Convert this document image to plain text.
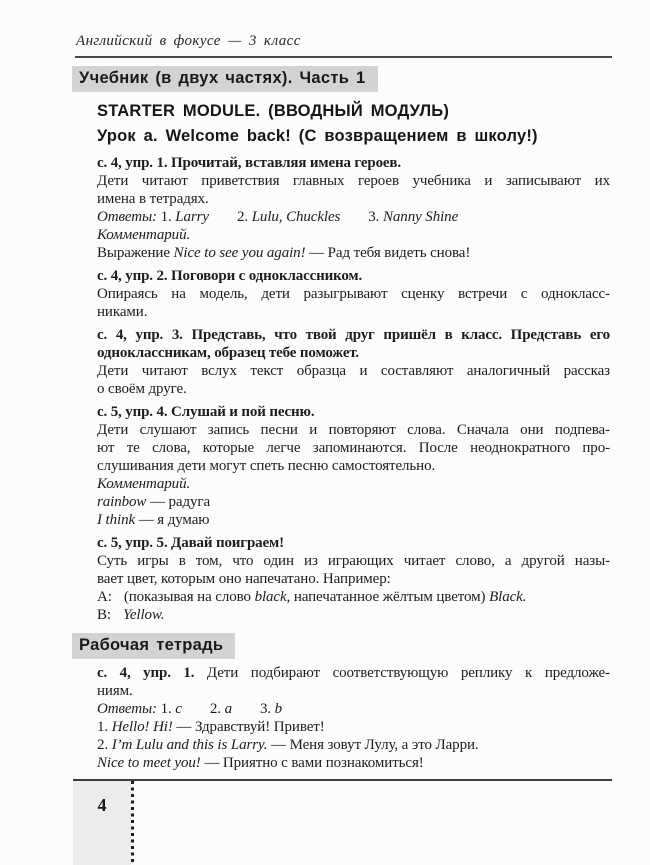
Английский в фокусе — 3 класс
Учебник (в двух частях). Часть 1
STARTER MODULE. (ВВОДНЫЙ МОДУЛЬ)
Урок a. Welcome back! (С возвращением в школу!)
с. 4, упр. 1. Прочитай, вставляя имена героев.
Дети читают приветствия главных героев учебника и записывают их
имена в тетрадях.
Ответы: 1. Larry 2. Lulu, Chuckles 3. Nanny Shine
Комментарий.
Выражение Nice to see you again! — Рад тебя видеть снова!
с. 4, упр. 2. Поговори с одноклассником.
Опираясь на модель, дети разыгрывают сценку встречи с однокласс-
никами.
с. 4, упр. 3. Представь, что твой друг пришёл в класс. Представь его
одноклассникам, образец тебе поможет.
Дети читают вслух текст образца и составляют аналогичный рассказ
о своём друге.
с. 5, упр. 4. Слушай и пой песню.
Дети слушают запись песни и повторяют слова. Сначала они подпева-
ют те слова, которые легче запоминаются. После неоднократного про-
слушивания дети могут спеть песню самостоятельно.
Комментарий.
rainbow — радуга
I think — я думаю
с. 5, упр. 5. Давай поиграем!
Суть игры в том, что один из играющих читает слово, а другой назы-
вает цвет, которым оно напечатано. Например:
A: (показывая на слово black, напечатанное жёлтым цветом) Black.
B: Yellow.
Рабочая тетрадь
с. 4, упр. 1. Дети подбирают соответствующую реплику к предложе-
ниям.
Ответы: 1. c 2. a 3. b
1. Hello! Hi! — Здравствуй! Привет!
2. I’m Lulu and this is Larry. — Меня зовут Лулу, а это Ларри.
Nice to meet you! — Приятно с вами познакомиться!
4
